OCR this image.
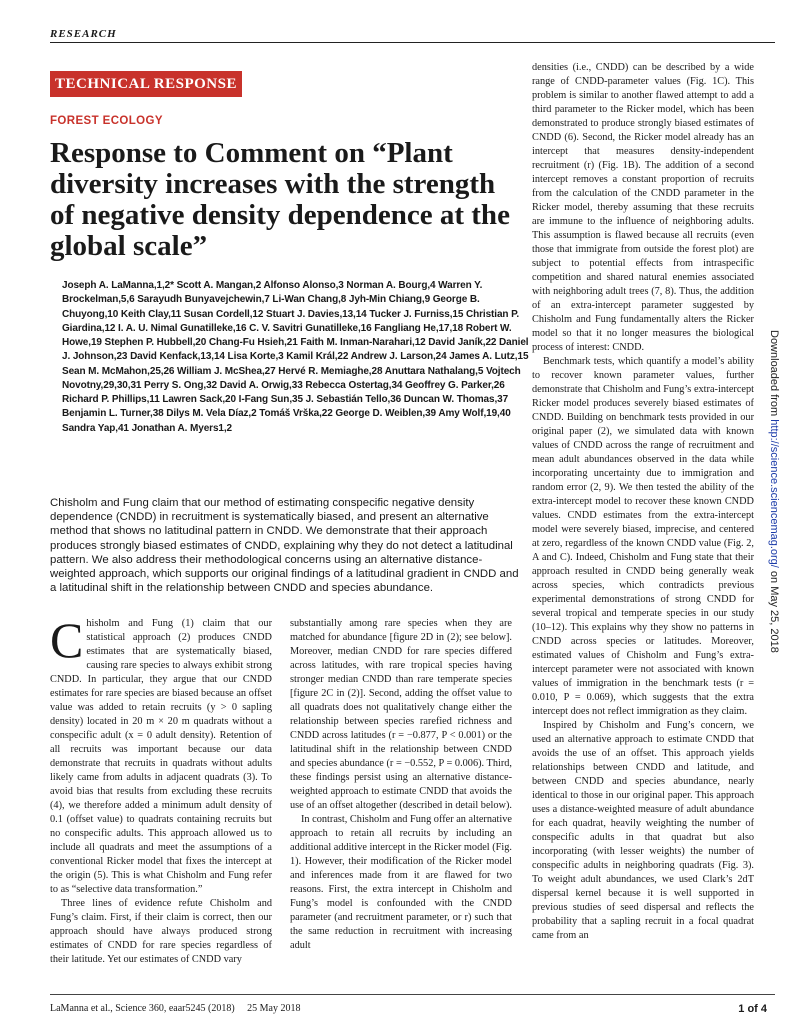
RESEARCH
TECHNICAL RESPONSE
FOREST ECOLOGY
Response to Comment on “Plant diversity increases with the strength of negative density dependence at the global scale”

Joseph A. LaManna,1,2* Scott A. Mangan,2 Alfonso Alonso,3 Norman A. Bourg,4 Warren Y. Brockelman,5,6 Sarayudh Bunyavejchewin,7 Li-Wan Chang,8 Jyh-Min Chiang,9 George B. Chuyong,10 Keith Clay,11 Susan Cordell,12 Stuart J. Davies,13,14 Tucker J. Furniss,15 Christian P. Giardina,12 I. A. U. Nimal Gunatilleke,16 C. V. Savitri Gunatilleke,16 Fangliang He,17,18 Robert W. Howe,19 Stephen P. Hubbell,20 Chang-Fu Hsieh,21 Faith M. Inman-Narahari,12 David Janík,22 Daniel J. Johnson,23 David Kenfack,13,14 Lisa Korte,3 Kamil Král,22 Andrew J. Larson,24 James A. Lutz,15 Sean M. McMahon,25,26 William J. McShea,27 Hervé R. Memiaghe,28 Anuttara Nathalang,5 Vojtech Novotny,29,30,31 Perry S. Ong,32 David A. Orwig,33 Rebecca Ostertag,34 Geoffrey G. Parker,26 Richard P. Phillips,11 Lawren Sack,20 I-Fang Sun,35 J. Sebastián Tello,36 Duncan W. Thomas,37 Benjamin L. Turner,38 Dilys M. Vela Díaz,2 Tomáš Vrška,22 George D. Weiblen,39 Amy Wolf,19,40 Sandra Yap,41 Jonathan A. Myers1,2

Chisholm and Fung claim that our method of estimating conspecific negative density dependence (CNDD) in recruitment is systematically biased, and present an alternative method that shows no latitudinal pattern in CNDD. We demonstrate that their approach produces strongly biased estimates of CNDD, explaining why they do not detect a latitudinal pattern. We also address their methodological concerns using an alternative distance-weighted approach, which supports our original findings of a latitudinal gradient in CNDD and a latitudinal shift in the relationship between CNDD and species abundance.

Chisholm and Fung (1) claim that our statistical approach (2) produces CNDD estimates that are systematically biased, causing rare species to always exhibit strong CNDD. In particular, they argue that our CNDD estimates for rare species are biased because an offset value was added to retain recruits (y > 0 sapling density) located in 20 m × 20 m quadrats without a conspecific adult (x = 0 adult density). Retention of all recruits was important because our data demonstrate that recruits in quadrats without adults likely came from adults in adjacent quadrats (3). To avoid bias that results from excluding these recruits (4), we therefore added a minimum adult density of 0.1 (offset value) to quadrats containing recruits but no conspecific adults. This approach allowed us to include all quadrats and meet the assumptions of a conventional Ricker model that fixes the intercept at the origin (5). This is what Chisholm and Fung refer to as “selective data transformation.”

Three lines of evidence refute Chisholm and Fung’s claim. First, if their claim is correct, then our approach should have always produced strong estimates of CNDD for rare species regardless of their latitude. Yet our estimates of CNDD vary

substantially among rare species when they are matched for abundance [figure 2D in (2); see below]. Moreover, median CNDD for rare species differed across latitudes, with rare tropical species having stronger median CNDD than rare temperate species [figure 2C in (2)]. Second, adding the offset value to all quadrats does not qualitatively change either the relationship between species rarefied richness and CNDD across latitudes (r = −0.877, P < 0.001) or the latitudinal shift in the relationship between CNDD and species abundance (r = −0.552, P = 0.006). Third, these findings persist using an alternative distance-weighted approach to estimate CNDD that avoids the use of an offset altogether (described in detail below).

In contrast, Chisholm and Fung offer an alternative approach to retain all recruits by including an additional additive intercept in the Ricker model (Fig. 1). However, their modification of the Ricker model and inferences made from it are flawed for two reasons. First, the extra intercept in Chisholm and Fung’s model is confounded with the CNDD parameter (and recruitment parameter, or r) such that the same reduction in recruitment with increasing adult

densities (i.e., CNDD) can be described by a wide range of CNDD-parameter values (Fig. 1C). This problem is similar to another flawed attempt to add a third parameter to the Ricker model, which has been demonstrated to produce strongly biased estimates of CNDD (6). Second, the Ricker model already has an intercept that measures density-independent recruitment (r) (Fig. 1B). The addition of a second intercept removes a constant proportion of recruits from the calculation of the CNDD parameter in the Ricker model, thereby assuming that these recruits are immune to the influence of neighboring adults. This assumption is flawed because all recruits (even those that immigrate from outside the forest plot) are subject to potential effects from intraspecific competition and shared natural enemies associated with neighboring adult trees (7, 8). Thus, the addition of an extra-intercept parameter suggested by Chisholm and Fung fundamentally alters the Ricker model so that it no longer measures the biological process of interest: CNDD.

Benchmark tests, which quantify a model’s ability to recover known parameter values, further demonstrate that Chisholm and Fung’s extra-intercept Ricker model produces severely biased estimates of CNDD. Building on benchmark tests provided in our original paper (2), we simulated data with known values of CNDD across the range of recruitment and mean adult abundances observed in the data while incorporating uncertainty due to immigration and random error (2, 9). We then tested the ability of the extra-intercept model to recover these known CNDD values. CNDD estimates from the extra-intercept model were severely biased, imprecise, and centered at zero, regardless of the known CNDD value (Fig. 2, A and C). Indeed, Chisholm and Fung state that their approach resulted in CNDD being generally weak across species, which contradicts previous experimental demonstrations of strong CNDD for several tropical and temperate species in our study (10–12). This explains why they show no patterns in CNDD across species or latitudes. Moreover, estimated values of Chisholm and Fung’s extra-intercept parameter were not associated with known values of immigration in the benchmark tests (r = 0.010, P = 0.069), which suggests that the extra intercept does not reflect immigration as they claim.

Inspired by Chisholm and Fung’s concern, we used an alternative approach to estimate CNDD that avoids the use of an offset. This approach yields relationships between CNDD and latitude, and between CNDD and species abundance, nearly identical to those in our original paper. This approach uses a distance-weighted measure of adult abundance for each quadrat, heavily weighting the number of conspecific adults in that quadrat but also incorporating (with lesser weights) the number of conspecific adults in neighboring quadrats (Fig. 3). To weight adult abundances, we used Clark’s 2dT dispersal kernel because it is well supported in previous studies of seed dispersal and reflects the probability that a sapling recruit in a focal quadrat came from an

Downloaded from http://science.sciencemag.org/ on May 25, 2018
LaManna et al., Science 360, eaar5245 (2018)     25 May 2018	1 of 4
